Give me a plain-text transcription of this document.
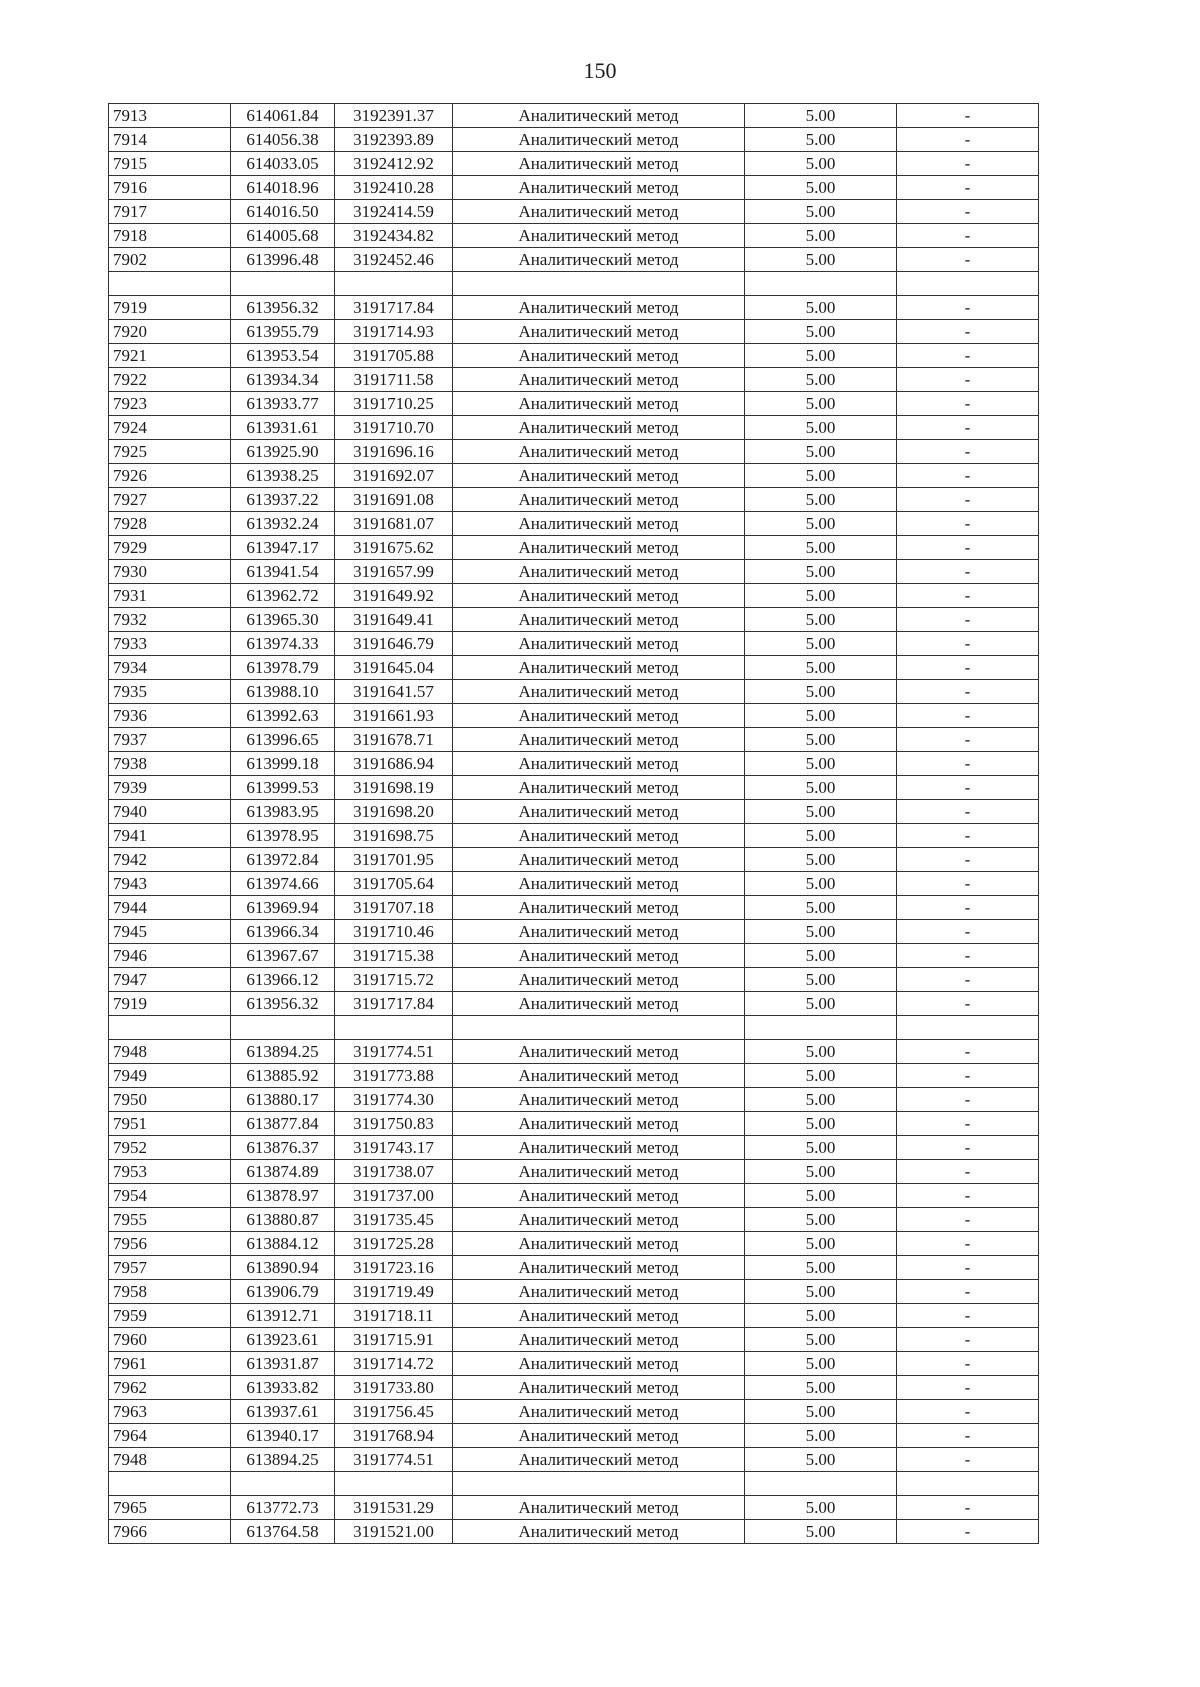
150
7913	614061.84	3192391.37	Аналитический метод	5.00	-
7914	614056.38	3192393.89	Аналитический метод	5.00	-
7915	614033.05	3192412.92	Аналитический метод	5.00	-
7916	614018.96	3192410.28	Аналитический метод	5.00	-
7917	614016.50	3192414.59	Аналитический метод	5.00	-
7918	614005.68	3192434.82	Аналитический метод	5.00	-
7902	613996.48	3192452.46	Аналитический метод	5.00	-

7919	613956.32	3191717.84	Аналитический метод	5.00	-
7920	613955.79	3191714.93	Аналитический метод	5.00	-
7921	613953.54	3191705.88	Аналитический метод	5.00	-
7922	613934.34	3191711.58	Аналитический метод	5.00	-
7923	613933.77	3191710.25	Аналитический метод	5.00	-
7924	613931.61	3191710.70	Аналитический метод	5.00	-
7925	613925.90	3191696.16	Аналитический метод	5.00	-
7926	613938.25	3191692.07	Аналитический метод	5.00	-
7927	613937.22	3191691.08	Аналитический метод	5.00	-
7928	613932.24	3191681.07	Аналитический метод	5.00	-
7929	613947.17	3191675.62	Аналитический метод	5.00	-
7930	613941.54	3191657.99	Аналитический метод	5.00	-
7931	613962.72	3191649.92	Аналитический метод	5.00	-
7932	613965.30	3191649.41	Аналитический метод	5.00	-
7933	613974.33	3191646.79	Аналитический метод	5.00	-
7934	613978.79	3191645.04	Аналитический метод	5.00	-
7935	613988.10	3191641.57	Аналитический метод	5.00	-
7936	613992.63	3191661.93	Аналитический метод	5.00	-
7937	613996.65	3191678.71	Аналитический метод	5.00	-
7938	613999.18	3191686.94	Аналитический метод	5.00	-
7939	613999.53	3191698.19	Аналитический метод	5.00	-
7940	613983.95	3191698.20	Аналитический метод	5.00	-
7941	613978.95	3191698.75	Аналитический метод	5.00	-
7942	613972.84	3191701.95	Аналитический метод	5.00	-
7943	613974.66	3191705.64	Аналитический метод	5.00	-
7944	613969.94	3191707.18	Аналитический метод	5.00	-
7945	613966.34	3191710.46	Аналитический метод	5.00	-
7946	613967.67	3191715.38	Аналитический метод	5.00	-
7947	613966.12	3191715.72	Аналитический метод	5.00	-
7919	613956.32	3191717.84	Аналитический метод	5.00	-

7948	613894.25	3191774.51	Аналитический метод	5.00	-
7949	613885.92	3191773.88	Аналитический метод	5.00	-
7950	613880.17	3191774.30	Аналитический метод	5.00	-
7951	613877.84	3191750.83	Аналитический метод	5.00	-
7952	613876.37	3191743.17	Аналитический метод	5.00	-
7953	613874.89	3191738.07	Аналитический метод	5.00	-
7954	613878.97	3191737.00	Аналитический метод	5.00	-
7955	613880.87	3191735.45	Аналитический метод	5.00	-
7956	613884.12	3191725.28	Аналитический метод	5.00	-
7957	613890.94	3191723.16	Аналитический метод	5.00	-
7958	613906.79	3191719.49	Аналитический метод	5.00	-
7959	613912.71	3191718.11	Аналитический метод	5.00	-
7960	613923.61	3191715.91	Аналитический метод	5.00	-
7961	613931.87	3191714.72	Аналитический метод	5.00	-
7962	613933.82	3191733.80	Аналитический метод	5.00	-
7963	613937.61	3191756.45	Аналитический метод	5.00	-
7964	613940.17	3191768.94	Аналитический метод	5.00	-
7948	613894.25	3191774.51	Аналитический метод	5.00	-

7965	613772.73	3191531.29	Аналитический метод	5.00	-
7966	613764.58	3191521.00	Аналитический метод	5.00	-
